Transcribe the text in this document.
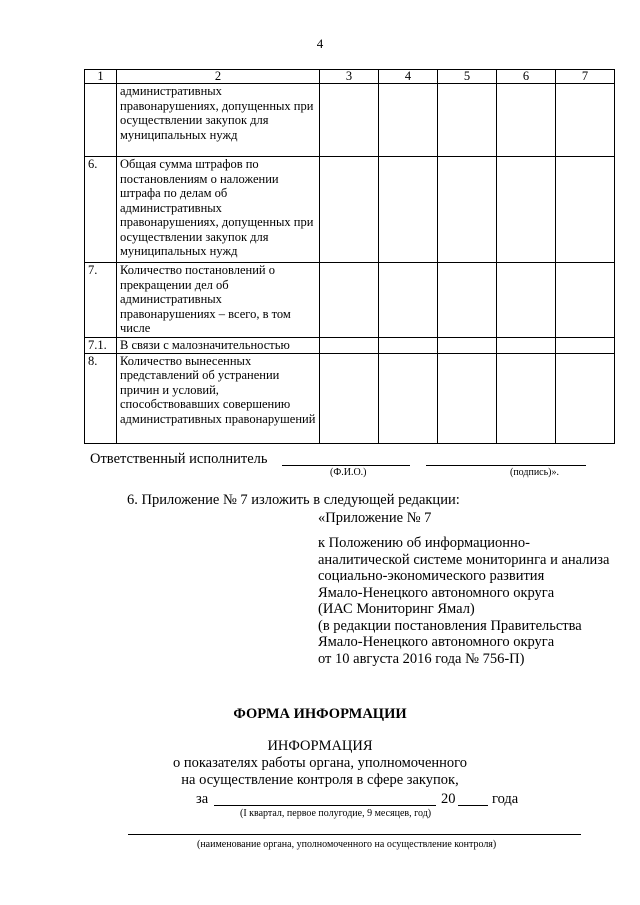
4
1	2	3	4	5	6	7
	административных правонарушениях, допущенных при осуществлении закупок для муниципальных нужд					
6.	Общая сумма штрафов по постановлениям о наложении штрафа по делам об административных правонарушениях, допущенных при осуществлении закупок для муниципальных нужд					
7.	Количество постановлений о прекращении дел об административных правонарушениях – всего, в том числе					
7.1.	В связи с малозначительностью					
8.	Количество вынесенных представлений об устранении причин и условий, способствовавших совершению административных правонарушений					
Ответственный исполнитель
(Ф.И.О.)	(подпись)».
6. Приложение № 7 изложить в следующей редакции:
«Приложение № 7
к Положению об информационно-
аналитической системе мониторинга и анализа
социально-экономического развития
Ямало-Ненецкого автономного округа
(ИАС Мониторинг Ямал)
(в редакции постановления Правительства
Ямало-Ненецкого автономного округа
от 10 августа 2016 года № 756-П)
ФОРМА ИНФОРМАЦИИ
ИНФОРМАЦИЯ
о показателях работы органа, уполномоченного
на осуществление контроля в сфере закупок,
за	20	года
(I квартал, первое полугодие, 9 месяцев, год)
(наименование органа, уполномоченного на осуществление контроля)
